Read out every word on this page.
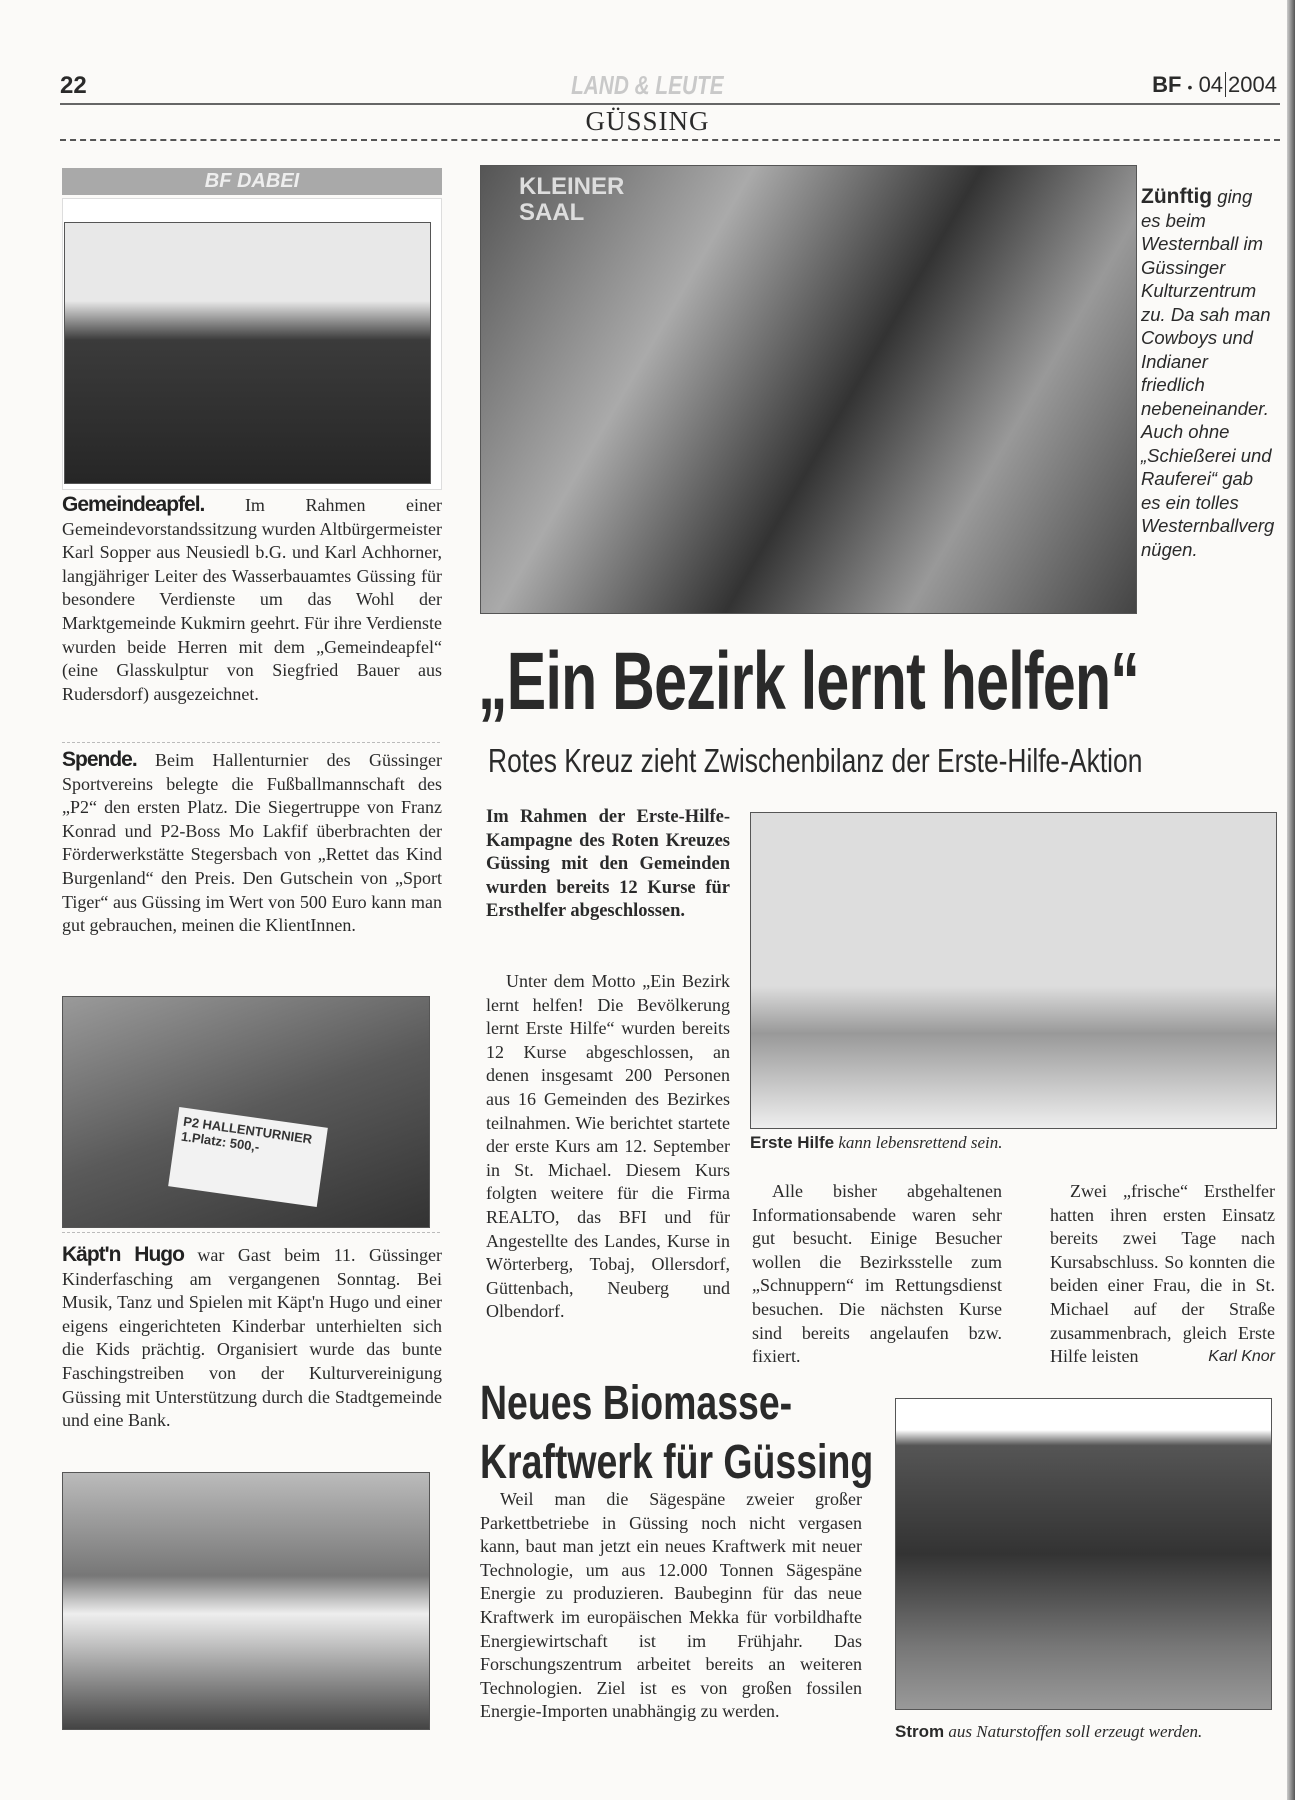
22	LAND & LEUTE	BF • 04 2004
GÜSSING
BF DABEI

Gemeindeapfel. Im Rahmen einer Gemeindevorstandssitzung wurden Altbürgermeister Karl Sopper aus Neusiedl b.G. und Karl Achhorner, langjähriger Leiter des Wasserbauamtes Güssing für besondere Verdienste um das Wohl der Marktgemeinde Kukmirn geehrt. Für ihre Verdienste wurden beide Herren mit dem „Gemeindeapfel“ (eine Glasskulptur von Siegfried Bauer aus Rudersdorf) ausgezeichnet.

Spende. Beim Hallenturnier des Güssinger Sportvereins belegte die Fußballmannschaft des „P2“ den ersten Platz. Die Siegertruppe von Franz Konrad und P2-Boss Mo Lakfif überbrachten der Förderwerkstätte Stegersbach von „Rettet das Kind Burgenland“ den Preis. Den Gutschein von „Sport Tiger“ aus Güssing im Wert von 500 Euro kann man gut gebrauchen, meinen die KlientInnen.

P2 HALLENTURNIER 1.Platz: 500,-

Käpt'n Hugo war Gast beim 11. Güssinger Kinderfasching am vergangenen Sonntag. Bei Musik, Tanz und Spielen mit Käpt'n Hugo und einer eigens eingerichteten Kinderbar unterhielten sich die Kids prächtig. Organisiert wurde das bunte Faschingstreiben von der Kulturvereinigung Güssing mit Unterstützung durch die Stadtgemeinde und eine Bank.

KLEINER SAAL
Zünftig ging es beim Westernball im Güssinger Kulturzentrum zu. Da sah man Cowboys und Indianer friedlich nebeneinander. Auch ohne „Schießerei und Rauferei“ gab es ein tolles Westernballvergnügen.
„Ein Bezirk lernt helfen“
Rotes Kreuz zieht Zwischenbilanz der Erste-Hilfe-Aktion

Im Rahmen der Erste-Hilfe-Kampagne des Roten Kreuzes Güssing mit den Gemeinden wurden bereits 12 Kurse für Ersthelfer abgeschlossen.

Erste Hilfe kann lebensrettend sein.

Unter dem Motto „Ein Bezirk lernt helfen! Die Bevölkerung lernt Erste Hilfe“ wurden bereits 12 Kurse abgeschlossen, an denen insgesamt 200 Personen aus 16 Gemeinden des Bezirkes teilnahmen. Wie berichtet startete der erste Kurs am 12. September in St. Michael. Diesem Kurs folgten weitere für die Firma REALTO, das BFI und für Angestellte des Landes, Kurse in Wörterberg, Tobaj, Ollersdorf, Güttenbach, Neuberg und Olbendorf.

Alle bisher abgehaltenen Informationsabende waren sehr gut besucht. Einige Besucher wollen die Bezirksstelle zum „Schnuppern“ im Rettungsdienst besuchen. Die nächsten Kurse sind bereits angelaufen bzw. fixiert.

Zwei „frische“ Ersthelfer hatten ihren ersten Einsatz bereits zwei Tage nach Kursabschluss. So konnten die beiden einer Frau, die in St. Michael auf der Straße zusammenbrach, gleich Erste Hilfe leisten	Karl Knor

Neues Biomasse-
Kraftwerk für Güssing

Weil man die Sägespäne zweier großer Parkettbetriebe in Güssing noch nicht vergasen kann, baut man jetzt ein neues Kraftwerk mit neuer Technologie, um aus 12.000 Tonnen Sägespäne Energie zu produzieren. Baubeginn für das neue Kraftwerk im europäischen Mekka für vorbildhafte Energiewirtschaft ist im Frühjahr. Das Forschungszentrum arbeitet bereits an weiteren Technologien. Ziel ist es von großen fossilen Energie-Importen unabhängig zu werden.

Strom aus Naturstoffen soll erzeugt werden.
